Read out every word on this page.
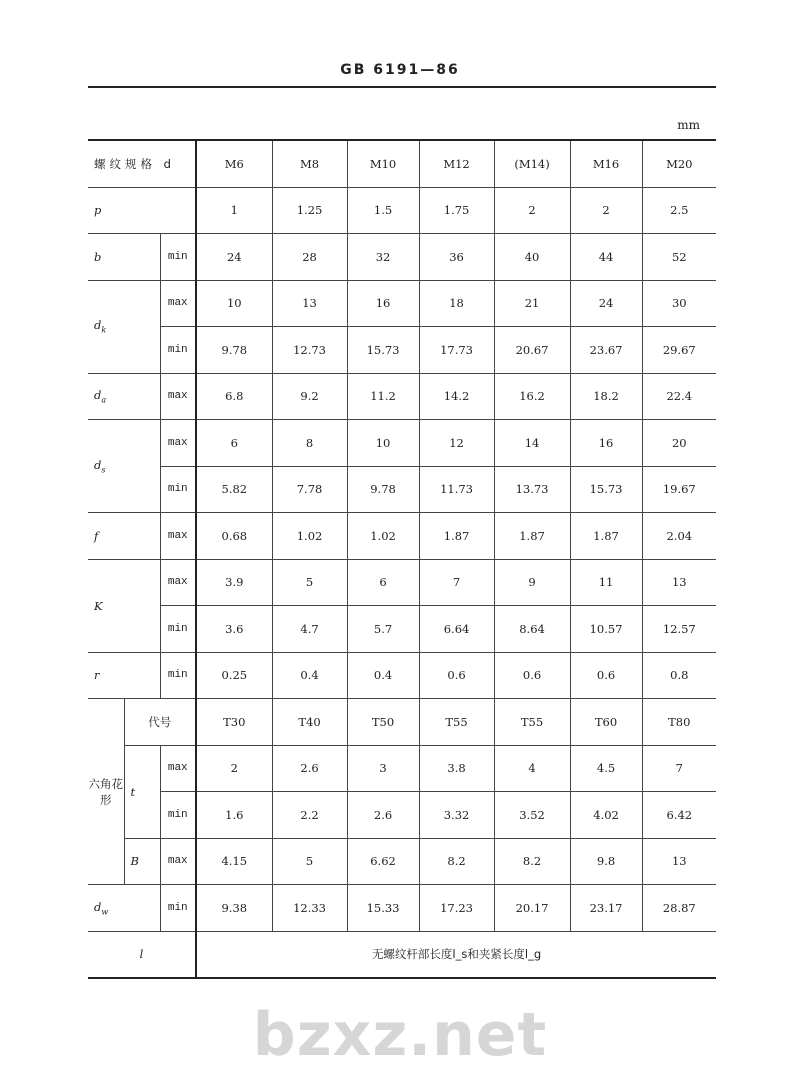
GB 6191—86
mm
bzxz.net
螺纹规格 d			M6	M8	M10	M12	(M14)	M16	M20
p			1	1.25	1.5	1.75	2	2	2.5
b		min	24	28	32	36	40	44	52
$d_k$		max	10	13	16	18	21	24	30
		min	9.78	12.73	15.73	17.73	20.67	23.67	29.67
$d_a$		max	6.8	9.2	11.2	14.2	16.2	18.2	22.4
$d_s$		max	6	8	10	12	14	16	20
		min	5.82	7.78	9.78	11.73	13.73	15.73	19.67
f		max	0.68	1.02	1.02	1.87	1.87	1.87	2.04
K		max	3.9	5	6	7	9	11	13
		min	3.6	4.7	5.7	6.64	8.64	10.57	12.57
r		min	0.25	0.4	0.4	0.6	0.6	0.6	0.8
六角花形	代号		T30	T40	T50	T55	T55	T60	T80
	t	max	2	2.6	3	3.8	4	4.5	7
		min	1.6	2.2	2.6	3.32	3.52	4.02	6.42
	B	max	4.15	5	6.62	8.2	8.2	9.8	13
$d_w$		min	9.38	12.33	15.33	17.23	20.17	23.17	28.87
l			无螺纹杆部长度l_s和夹紧长度l_g						
